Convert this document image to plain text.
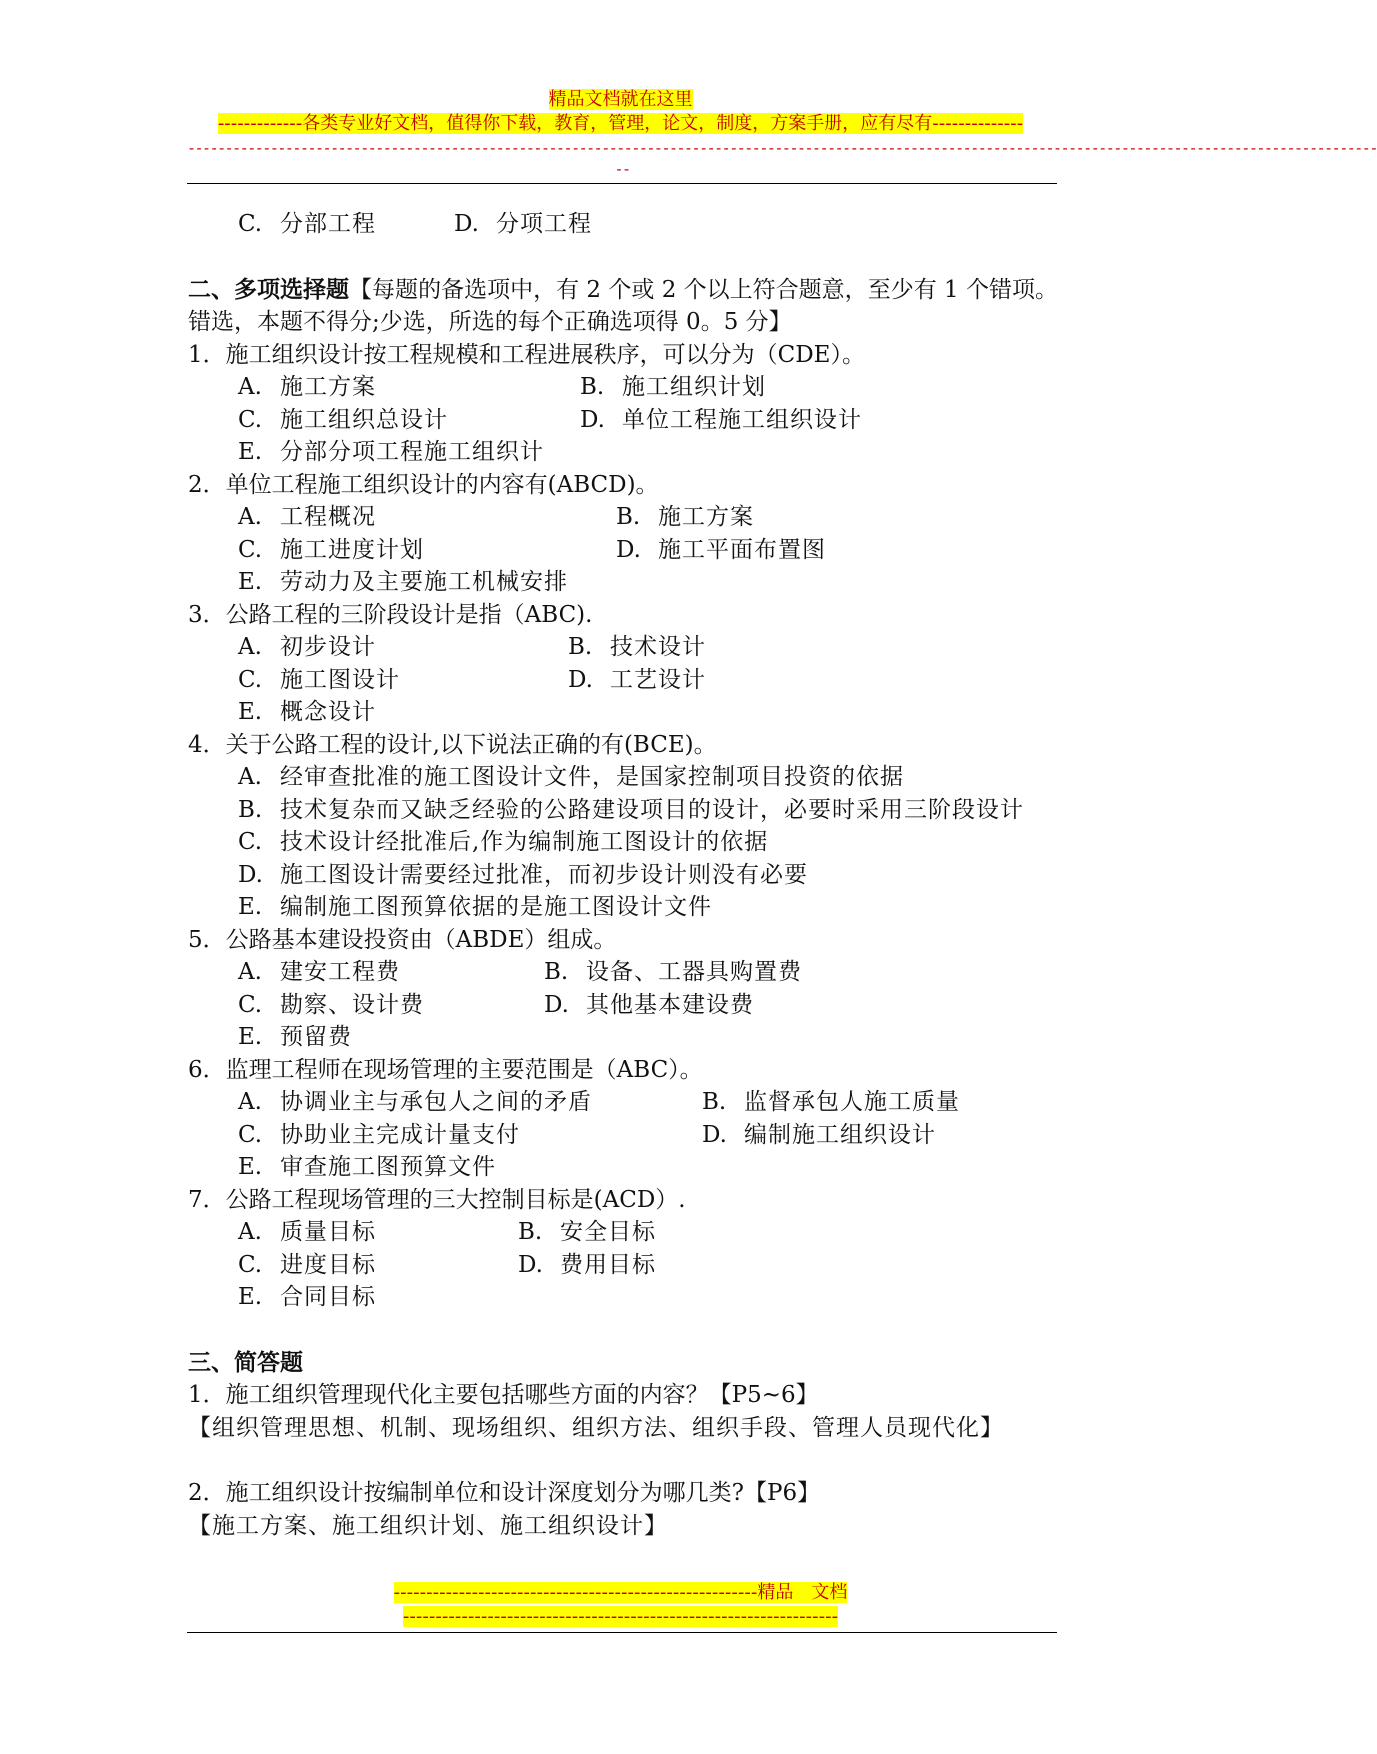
精品文档就在这里
-------------各类专业好文档，值得你下载，教育，管理，论文，制度，方案手册，应有尽有--------------
--------------------------------------------------------------------------------------------------------------------------------------------------------------
--
C. 分部工程	D. 分项工程
二、多项选择题【每题的备选项中，有 2 个或 2 个以上符合题意，至少有 1 个错项。错选，本题不得分;少选，所选的每个正确选项得 0。5 分】
1．施工组织设计按工程规模和工程进展秩序，可以分为（CDE）。
A. 施工方案	B. 施工组织计划
C. 施工组织总设计	D. 单位工程施工组织设计
E. 分部分项工程施工组织计
2．单位工程施工组织设计的内容有(ABCD)。
A. 工程概况	B. 施工方案
C. 施工进度计划	D. 施工平面布置图
E. 劳动力及主要施工机械安排
3．公路工程的三阶段设计是指（ABC).
A. 初步设计	B. 技术设计
C. 施工图设计	D. 工艺设计
E. 概念设计
4．关于公路工程的设计,以下说法正确的有(BCE)。
A. 经审查批准的施工图设计文件，是国家控制项目投资的依据
B. 技术复杂而又缺乏经验的公路建设项目的设计，必要时采用三阶段设计
C. 技术设计经批准后,作为编制施工图设计的依据
D. 施工图设计需要经过批准，而初步设计则没有必要
E. 编制施工图预算依据的是施工图设计文件
5．公路基本建设投资由（ABDE）组成。
A. 建安工程费	B. 设备、工器具购置费
C. 勘察、设计费	D. 其他基本建设费
E. 预留费
6．监理工程师在现场管理的主要范围是（ABC）。
A. 协调业主与承包人之间的矛盾	B. 监督承包人施工质量
C. 协助业主完成计量支付	D. 编制施工组织设计
E. 审查施工图预算文件
7．公路工程现场管理的三大控制目标是(ACD）.
A. 质量目标	B. 安全目标
C. 进度目标	D. 费用目标
E. 合同目标
三、简答题
1．施工组织管理现代化主要包括哪些方面的内容？【P5~6】
【组织管理思想、机制、现场组织、组织方法、组织手段、管理人员现代化】
2．施工组织设计按编制单位和设计深度划分为哪几类?【P6】
【施工方案、施工组织计划、施工组织设计】
--------------------------------------------------------精品　文档
-------------------------------------------------------------------
